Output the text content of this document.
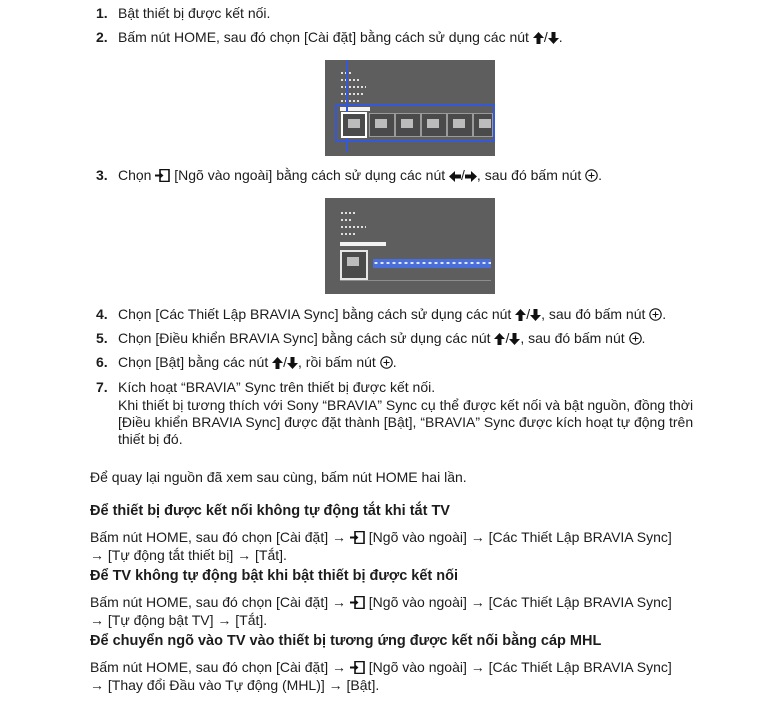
1. Bật thiết bị được kết nối.
2. Bấm nút HOME, sau đó chọn [Cài đặt] bằng cách sử dụng các nút / .
3. Chọn  [Ngõ vào ngoài] bằng cách sử dụng các nút / , sau đó bấm nút .
4. Chọn [Các Thiết Lập BRAVIA Sync] bằng cách sử dụng các nút / , sau đó bấm nút .
5. Chọn [Điều khiển BRAVIA Sync] bằng cách sử dụng các nút / , sau đó bấm nút .
6. Chọn [Bật] bằng các nút / , rồi bấm nút .
7. Kích hoạt “BRAVIA” Sync trên thiết bị được kết nối.
Khi thiết bị tương thích với Sony “BRAVIA” Sync cụ thể được kết nối và bật nguồn, đồng thời
[Điều khiển BRAVIA Sync] được đặt thành [Bật], “BRAVIA” Sync được kích hoạt tự động trên
thiết bị đó.
Để quay lại nguồn đã xem sau cùng, bấm nút HOME hai lần.
Để thiết bị được kết nối không tự động tắt khi tắt TV
Bấm nút HOME, sau đó chọn [Cài đặt] →  [Ngõ vào ngoài] → [Các Thiết Lập BRAVIA Sync]
→ [Tự động tắt thiết bị] → [Tắt].
Để TV không tự động bật khi bật thiết bị được kết nối
Bấm nút HOME, sau đó chọn [Cài đặt] →  [Ngõ vào ngoài] → [Các Thiết Lập BRAVIA Sync]
→ [Tự động bật TV] → [Tắt].
Để chuyển ngõ vào TV vào thiết bị tương ứng được kết nối bằng cáp MHL
Bấm nút HOME, sau đó chọn [Cài đặt] →  [Ngõ vào ngoài] → [Các Thiết Lập BRAVIA Sync]
→ [Thay đổi Đầu vào Tự động (MHL)] → [Bật].
